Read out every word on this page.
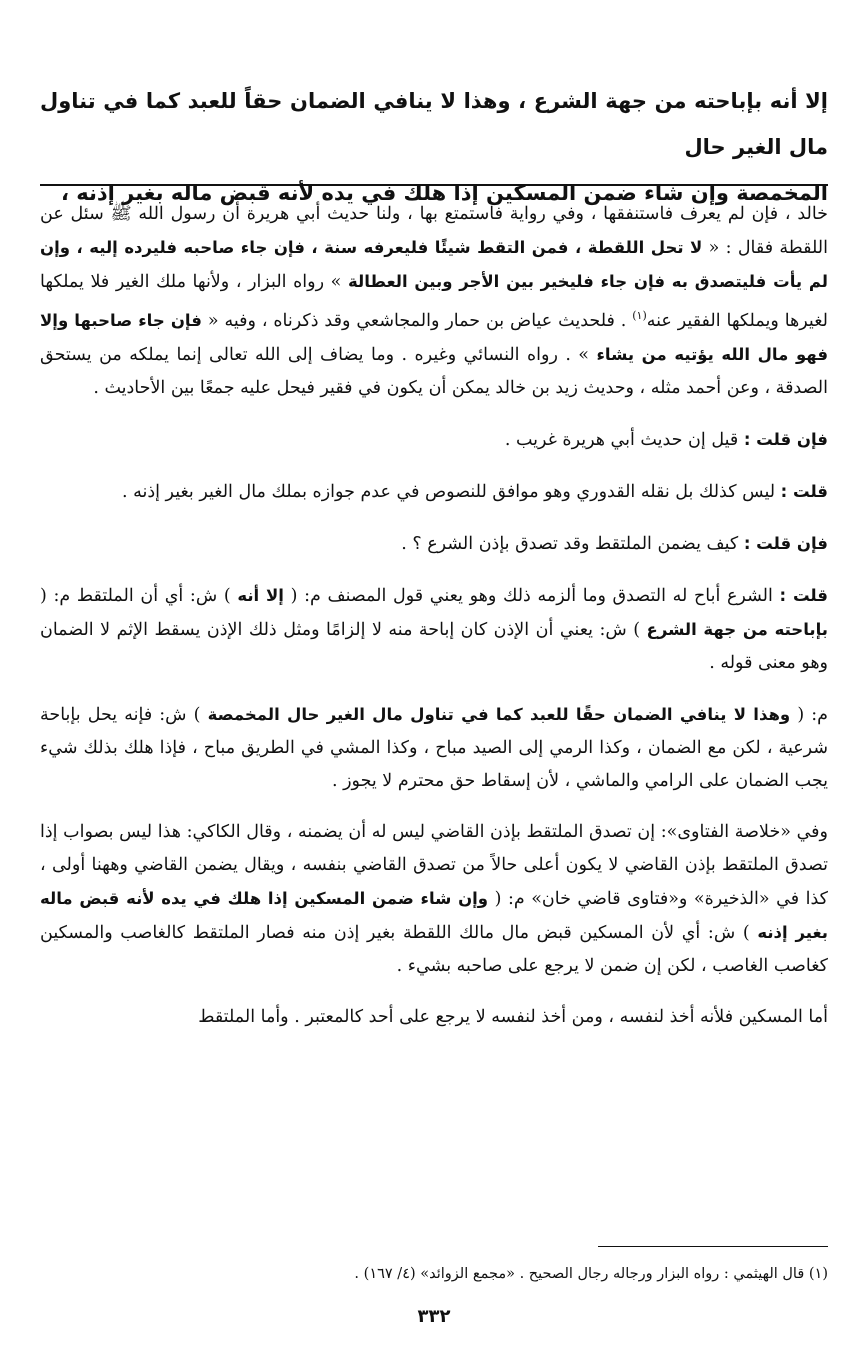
إلا أنه بإباحته من جهة الشرع ، وهذا لا ينافي الضمان حقاً للعبد كما في تناول مال الغير حال
المخمصة وإن شاء ضمن المسكين إذا هلك في يده لأنه قبض ماله بغير إذنه ،

خالد ، فإن لم يعرف فاستنفقها ، وفي رواية فاستمتع بها ، ولنا حديث أبي هريرة أن رسول الله ﷺ سئل عن اللقطة فقال : « لا تحل اللقطة ، فمن التقط شيئًا فليعرفه سنة ، فإن جاء صاحبه فليرده إليه ، وإن لم يأت فليتصدق به فإن جاء فليخير بين الأجر وبين العطالة » رواه البزار ، ولأنها ملك الغير فلا يملكها لغيرها ويملكها الفقير عنه$^{(١)}$ . فلحديث عياض بن حمار والمجاشعي وقد ذكرناه ، وفيه « فإن جاء صاحبها وإلا فهو مال الله يؤتيه من يشاء » . رواه النسائي وغيره . وما يضاف إلى الله تعالى إنما يملكه من يستحق الصدقة ، وعن أحمد مثله ، وحديث زيد بن خالد يمكن أن يكون في فقير فيحل عليه جمعًا بين الأحاديث .

فإن قلت : قيل إن حديث أبي هريرة غريب .

قلت : ليس كذلك بل نقله القدوري وهو موافق للنصوص في عدم جوازه بملك مال الغير بغير إذنه .

فإن قلت : كيف يضمن الملتقط وقد تصدق بإذن الشرع ؟ .

قلت : الشرع أباح له التصدق وما ألزمه ذلك وهو يعني قول المصنف م: ( إلا أنه ) ش: أي أن الملتقط م: ( بإباحته من جهة الشرع ) ش: يعني أن الإذن كان إباحة منه لا إلزامًا ومثل ذلك الإذن يسقط الإثم لا الضمان وهو معنى قوله .

م: ( وهذا لا ينافي الضمان حقًا للعبد كما في تناول مال الغير حال المخمصة ) ش: فإنه يحل بإباحة شرعية ، لكن مع الضمان ، وكذا الرمي إلى الصيد مباح ، وكذا المشي في الطريق مباح ، فإذا هلك بذلك شيء يجب الضمان على الرامي والماشي ، لأن إسقاط حق محترم لا يجوز .

وفي «خلاصة الفتاوى»: إن تصدق الملتقط بإذن القاضي ليس له أن يضمنه ، وقال الكاكي: هذا ليس بصواب إذا تصدق الملتقط بإذن القاضي لا يكون أعلى حالاً من تصدق القاضي بنفسه ، ويقال يضمن القاضي وههنا أولى ، كذا في «الذخيرة» و«فتاوى قاضي خان» م: ( وإن شاء ضمن المسكين إذا هلك في يده لأنه قبض ماله بغير إذنه ) ش: أي لأن المسكين قبض مال مالك اللقطة بغير إذن منه فصار الملتقط كالغاصب والمسكين كغاصب الغاصب ، لكن إن ضمن لا يرجع على صاحبه بشيء .

أما المسكين فلأنه أخذ لنفسه ، ومن أخذ لنفسه لا يرجع على أحد كالمعتبر . وأما الملتقط

(١) قال الهيثمي : رواه البزار ورجاله رجال الصحيح . «مجمع الزوائد» (٤/ ١٦٧) .
٣٣٢
